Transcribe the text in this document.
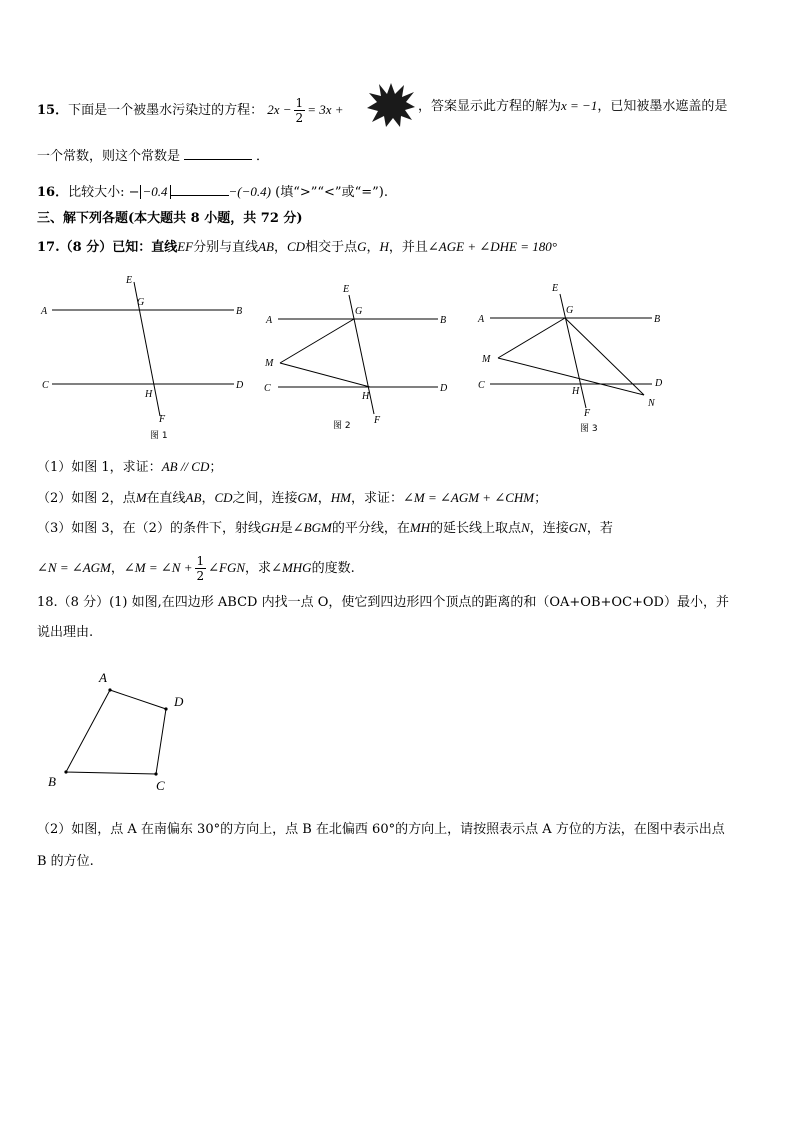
15．下面是一个被墨水污染过的方程： $2x - \frac{1}{2} = 3x$ +	，答案显示此方程的解为x = −1，已知被墨水遮盖的是
一个常数，则这个常数是	．
16．比较大小: − −0.4	−(−0.4) (填“>”“<”或“=”).
三、解下列各题(本大题共 8 小题，共 72 分)
17.（8 分）已知：直线EF分别与直线AB，CD相交于点G，H，并且∠AGE + ∠DHE = 180°
A	B
C	D
E
G
H
F
图 1
A	B
C	D
E
G
M
H
F
图 2
A	B
C	D
E
G
M
H
N
F
图 3
（1）如图 1，求证：AB // CD；
（2）如图 2，点M在直线AB，CD之间，连接GM，HM，求证：∠M = ∠AGM + ∠CHM；
（3）如图 3，在（2）的条件下，射线GH是∠BGM的平分线，在MH的延长线上取点N，连接GN，若
∠N = ∠AGM，∠M = ∠N + $\frac{1}{2}$ ∠FGN，求∠MHG的度数.
18.（8 分）(1) 如图,在四边形 ABCD 内找一点 O，使它到四边形四个顶点的距离的和（OA+OB+OC+OD）最小，并
说出理由.
A
D
C
B
（2）如图，点 A 在南偏东 30°的方向上，点 B 在北偏西 60°的方向上，请按照表示点 A 方位的方法，在图中表示出点
B 的方位.
